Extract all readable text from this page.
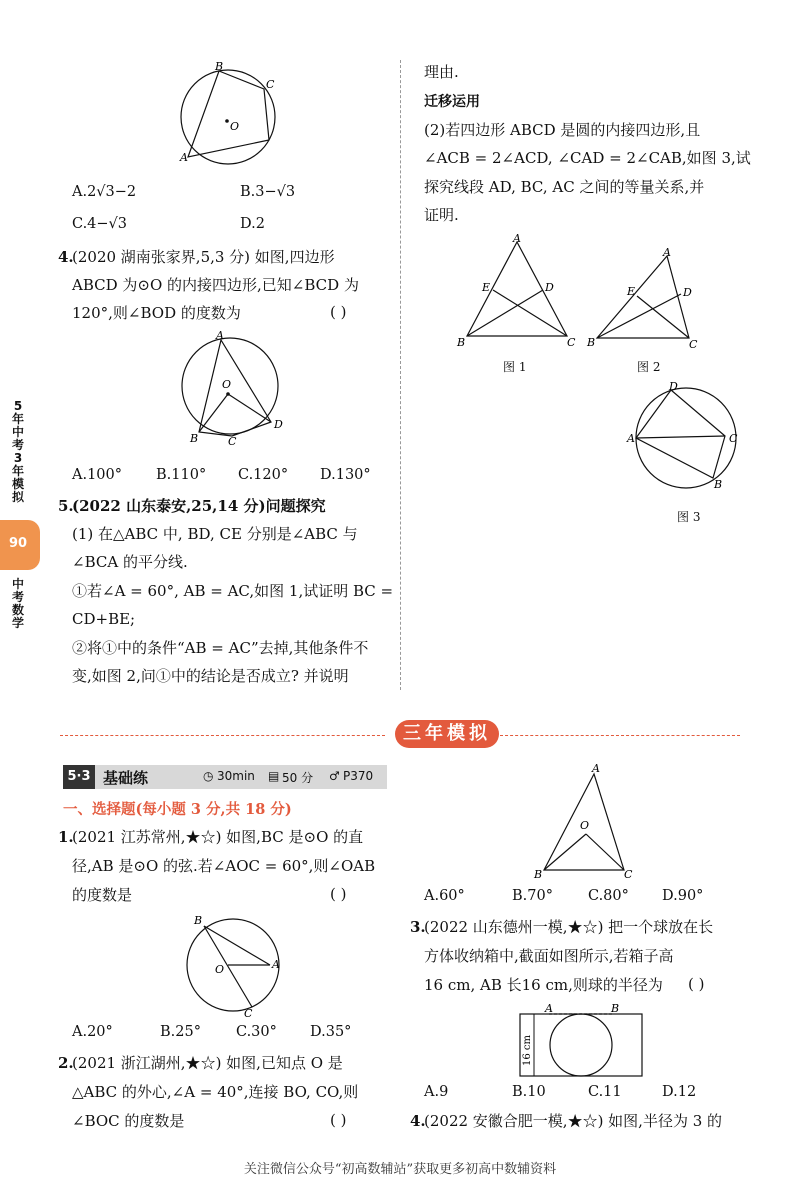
5
年
中
考
3
年
模
拟
90
中
考
数
学
B
C
O
A
A.2√3−2	B.3−√3
C.4−√3	D.2
4.
(2020 湖南张家界,5,3 分) 如图,四边形
ABCD 为⊙O 的内接四边形,已知∠BCD 为
120°,则∠BOD 的度数为	( )
A
O
B	C
D
A.100° B.110° C.120° D.130°
5.
(2022 山东泰安,25,14 分)问题探究
(1) 在△ABC 中, BD, CE 分别是∠ABC 与
∠BCA 的平分线.
①若∠A = 60°, AB = AC,如图 1,试证明 BC =
CD+BE;
②将①中的条件“AB = AC”去掉,其他条件不
变,如图 2,问①中的结论是否成立? 并说明
理由.
迁移运用
(2)若四边形 ABCD 是圆的内接四边形,且
∠ACB = 2∠ACD, ∠CAD = 2∠CAB,如图 3,试
探究线段 AD, BC, AC 之间的等量关系,并
证明.
A
E	D
B	C
图 1
A
E	D
B	C
图 2
D
A	C
B
图 3
三年模拟
5·3 基础练	◷ 30min ▤ 50 分 ♂ P370
一、选择题(每小题 3 分,共 18 分)
1.
(2021 江苏常州,★☆) 如图,BC 是⊙O 的直
径,AB 是⊙O 的弦.若∠AOC = 60°,则∠OAB
的度数是	( )
B
O	A
C
A.20°	B.25° C.30° D.35°
2.
(2021 浙江湖州,★☆) 如图,已知点 O 是
△ABC 的外心,∠A = 40°,连接 BO, CO,则
∠BOC 的度数是	( )
A
O
B	C
A.60°	B.70° C.80° D.90°
3.
(2022 山东德州一模,★☆) 把一个球放在长
方体收纳箱中,截面如图所示,若箱子高
16 cm, AB 长16 cm,则球的半径为 ( )
A	B
16 cm
A.9	B.10	C.11	D.12
4.
(2022 安徽合肥一模,★☆) 如图,半径为 3 的
关注微信公众号“初高数辅站”获取更多初高中数辅资料
